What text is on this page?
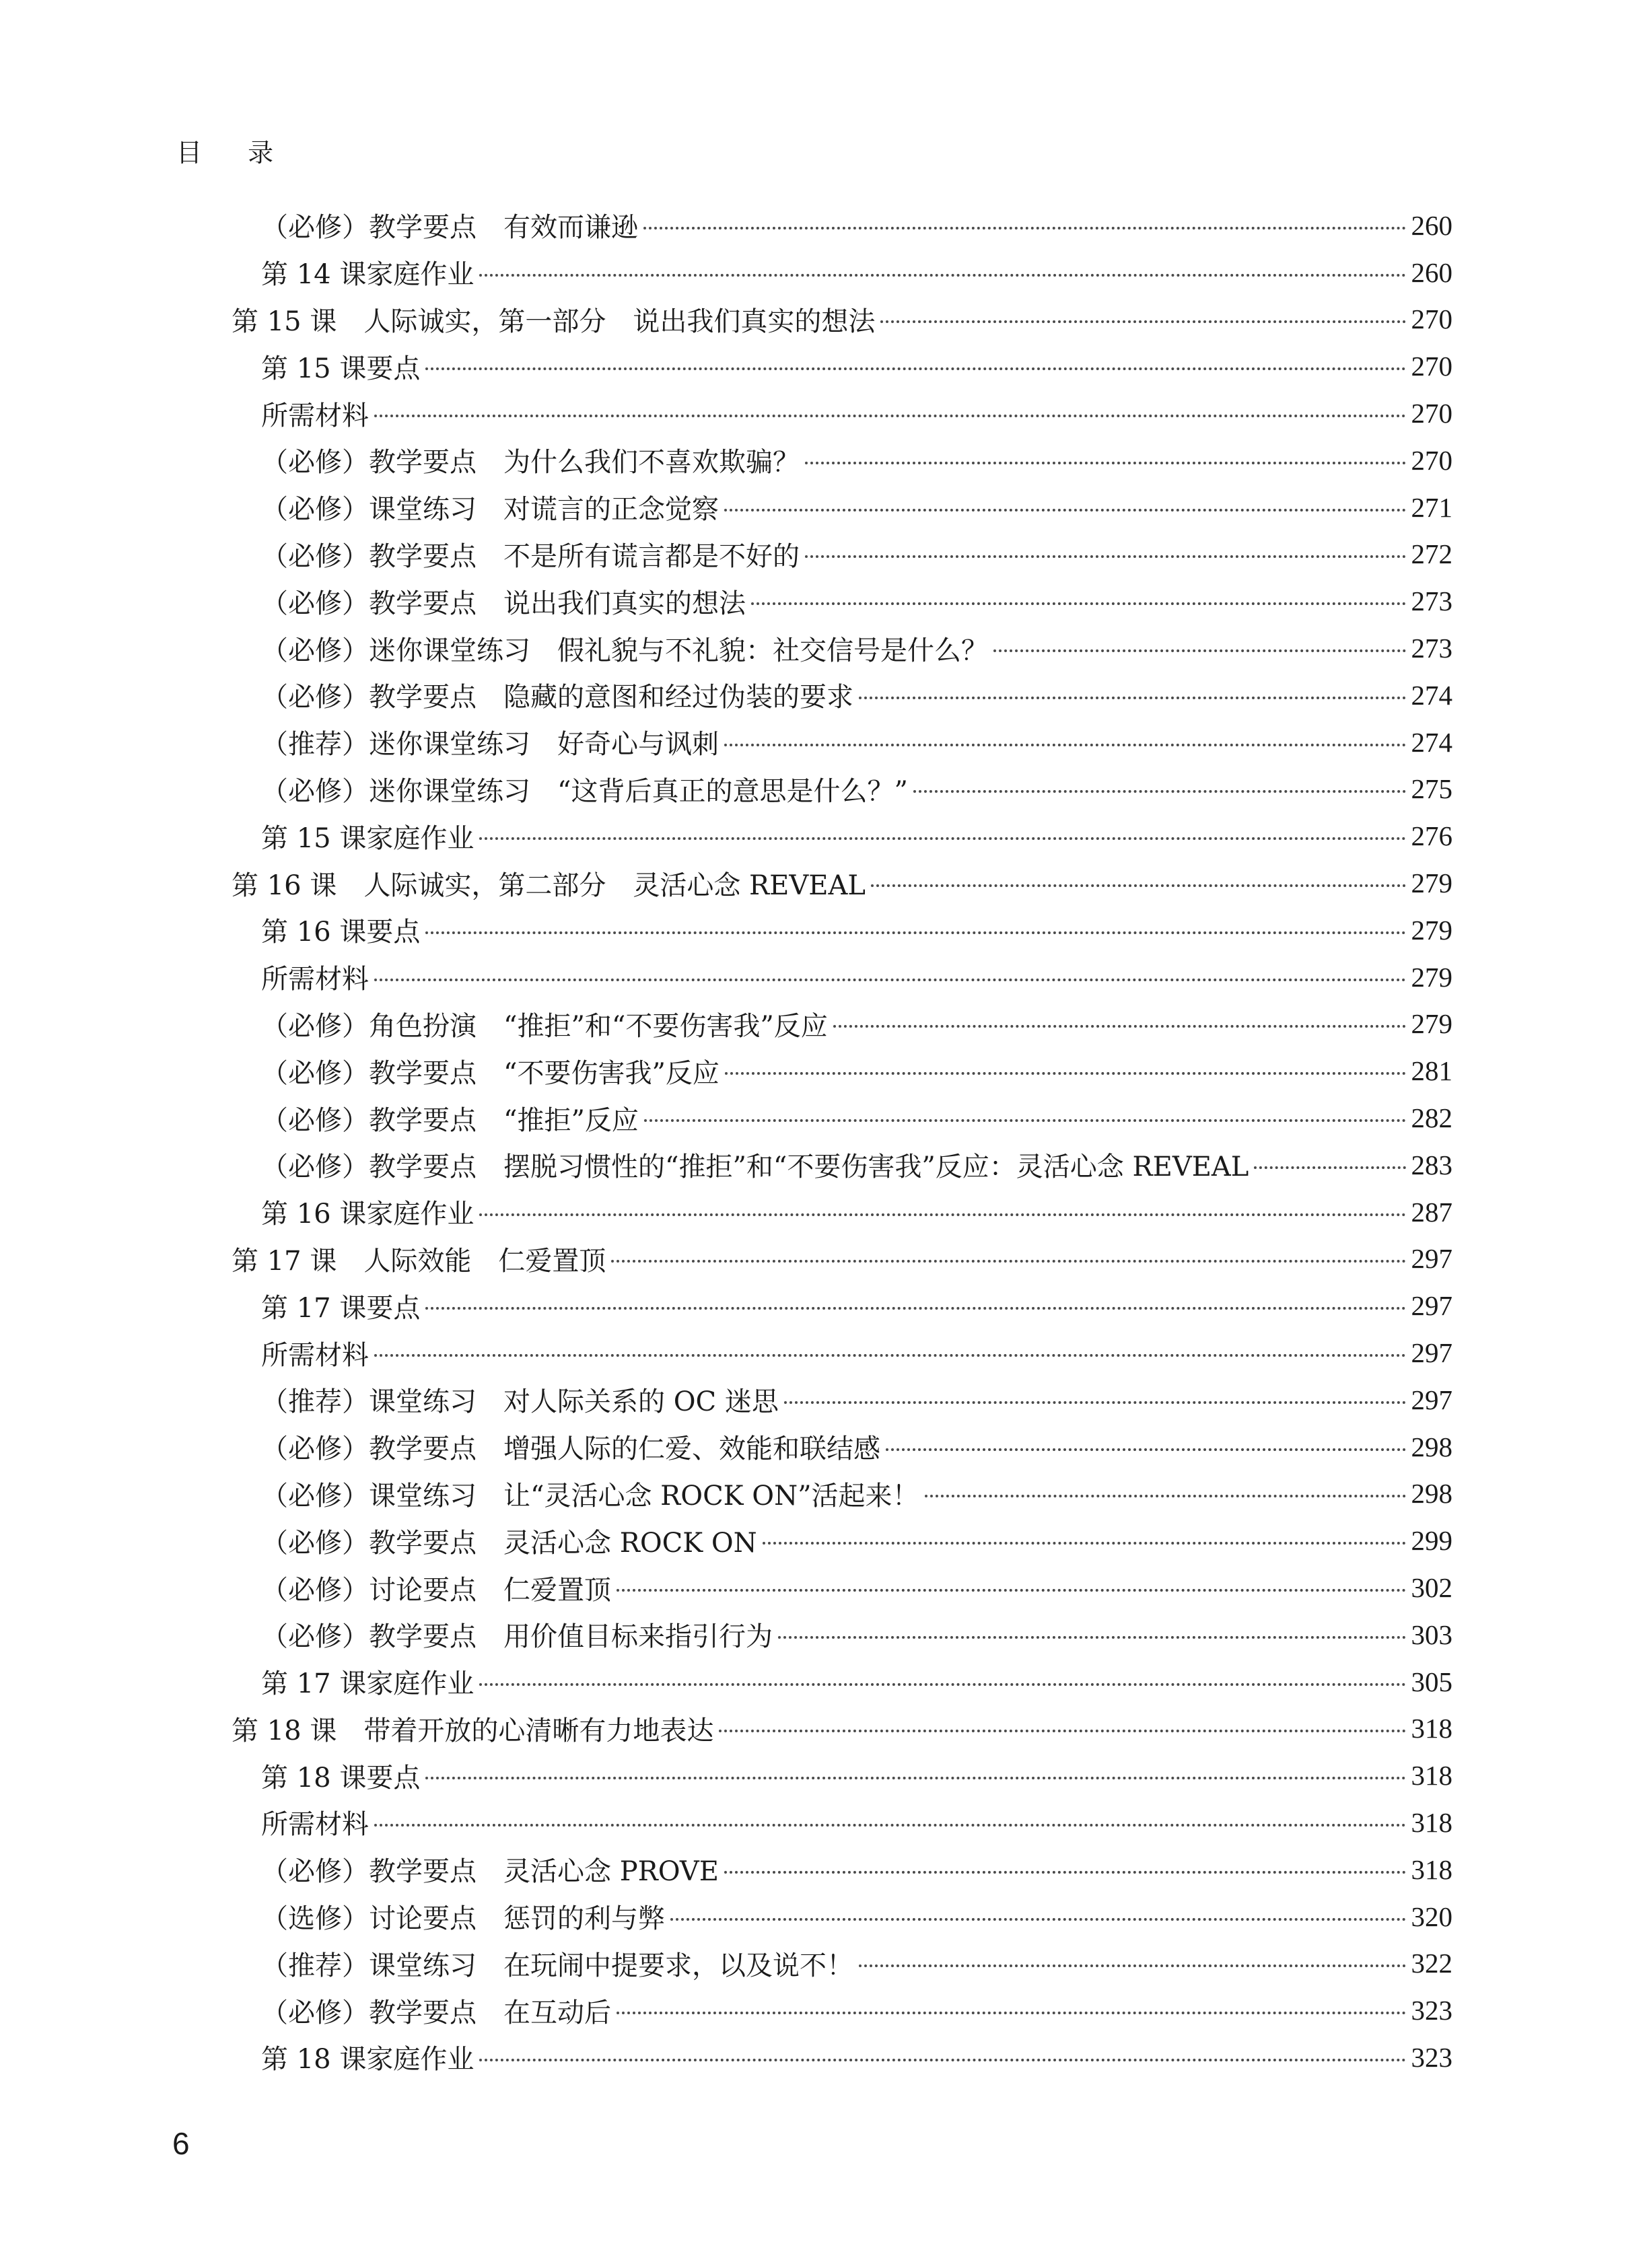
目 录
（必修）教学要点　有效而谦逊	260
第 14 课家庭作业	260
第 15 课　人际诚实，第一部分　说出我们真实的想法	270
第 15 课要点	270
所需材料	270
（必修）教学要点　为什么我们不喜欢欺骗？	270
（必修）课堂练习　对谎言的正念觉察	271
（必修）教学要点　不是所有谎言都是不好的	272
（必修）教学要点　说出我们真实的想法	273
（必修）迷你课堂练习　假礼貌与不礼貌：社交信号是什么？	273
（必修）教学要点　隐藏的意图和经过伪装的要求	274
（推荐）迷你课堂练习　好奇心与讽刺	274
（必修）迷你课堂练习　“这背后真正的意思是什么？”	275
第 15 课家庭作业	276
第 16 课　人际诚实，第二部分　灵活心念 REVEAL	279
第 16 课要点	279
所需材料	279
（必修）角色扮演　“推拒”和“不要伤害我”反应	279
（必修）教学要点　“不要伤害我”反应	281
（必修）教学要点　“推拒”反应	282
（必修）教学要点　摆脱习惯性的“推拒”和“不要伤害我”反应：灵活心念 REVEAL	283
第 16 课家庭作业	287
第 17 课　人际效能　仁爱置顶	297
第 17 课要点	297
所需材料	297
（推荐）课堂练习　对人际关系的 OC 迷思	297
（必修）教学要点　增强人际的仁爱、效能和联结感	298
（必修）课堂练习　让“灵活心念 ROCK ON”活起来！	298
（必修）教学要点　灵活心念 ROCK ON	299
（必修）讨论要点　仁爱置顶	302
（必修）教学要点　用价值目标来指引行为	303
第 17 课家庭作业	305
第 18 课　带着开放的心清晰有力地表达	318
第 18 课要点	318
所需材料	318
（必修）教学要点　灵活心念 PROVE	318
（选修）讨论要点　惩罚的利与弊	320
（推荐）课堂练习　在玩闹中提要求，以及说不！	322
（必修）教学要点　在互动后	323
第 18 课家庭作业	323
6
